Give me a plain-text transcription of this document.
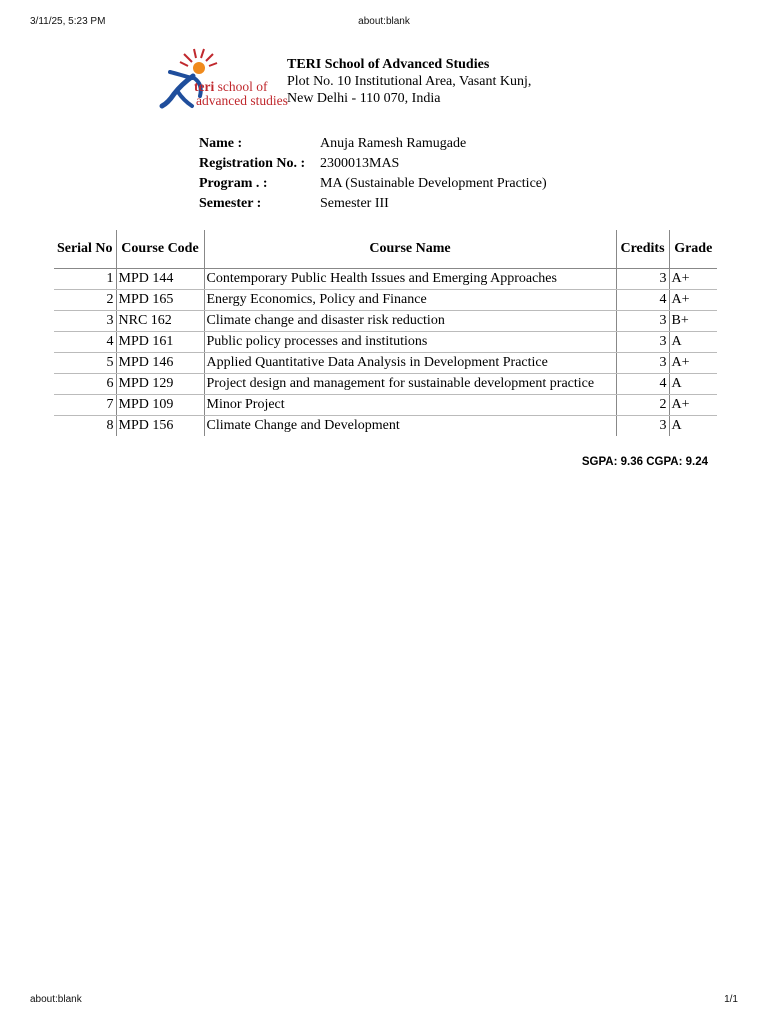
3/11/25, 5:23 PM	about:blank
teri school of
advanced studies
TERI School of Advanced Studies
Plot No. 10 Institutional Area, Vasant Kunj,
New Delhi - 110 070, India
Name :	Anuja Ramesh Ramugade
Registration No. : 2300013MAS
Program . :	MA (Sustainable Development Practice)
Semester :	Semester III
Serial No	Course Code	Course Name	Credits	Grade
1	MPD 144	Contemporary Public Health Issues and Emerging Approaches	3	A+
2	MPD 165	Energy Economics, Policy and Finance	4	A+
3	NRC 162	Climate change and disaster risk reduction	3	B+
4	MPD 161	Public policy processes and institutions	3	A
5	MPD 146	Applied Quantitative Data Analysis in Development Practice	3	A+
6	MPD 129	Project design and management for sustainable development practice	4	A
7	MPD 109	Minor Project	2	A+
8	MPD 156	Climate Change and Development	3	A
SGPA: 9.36 CGPA: 9.24
about:blank	1/1
